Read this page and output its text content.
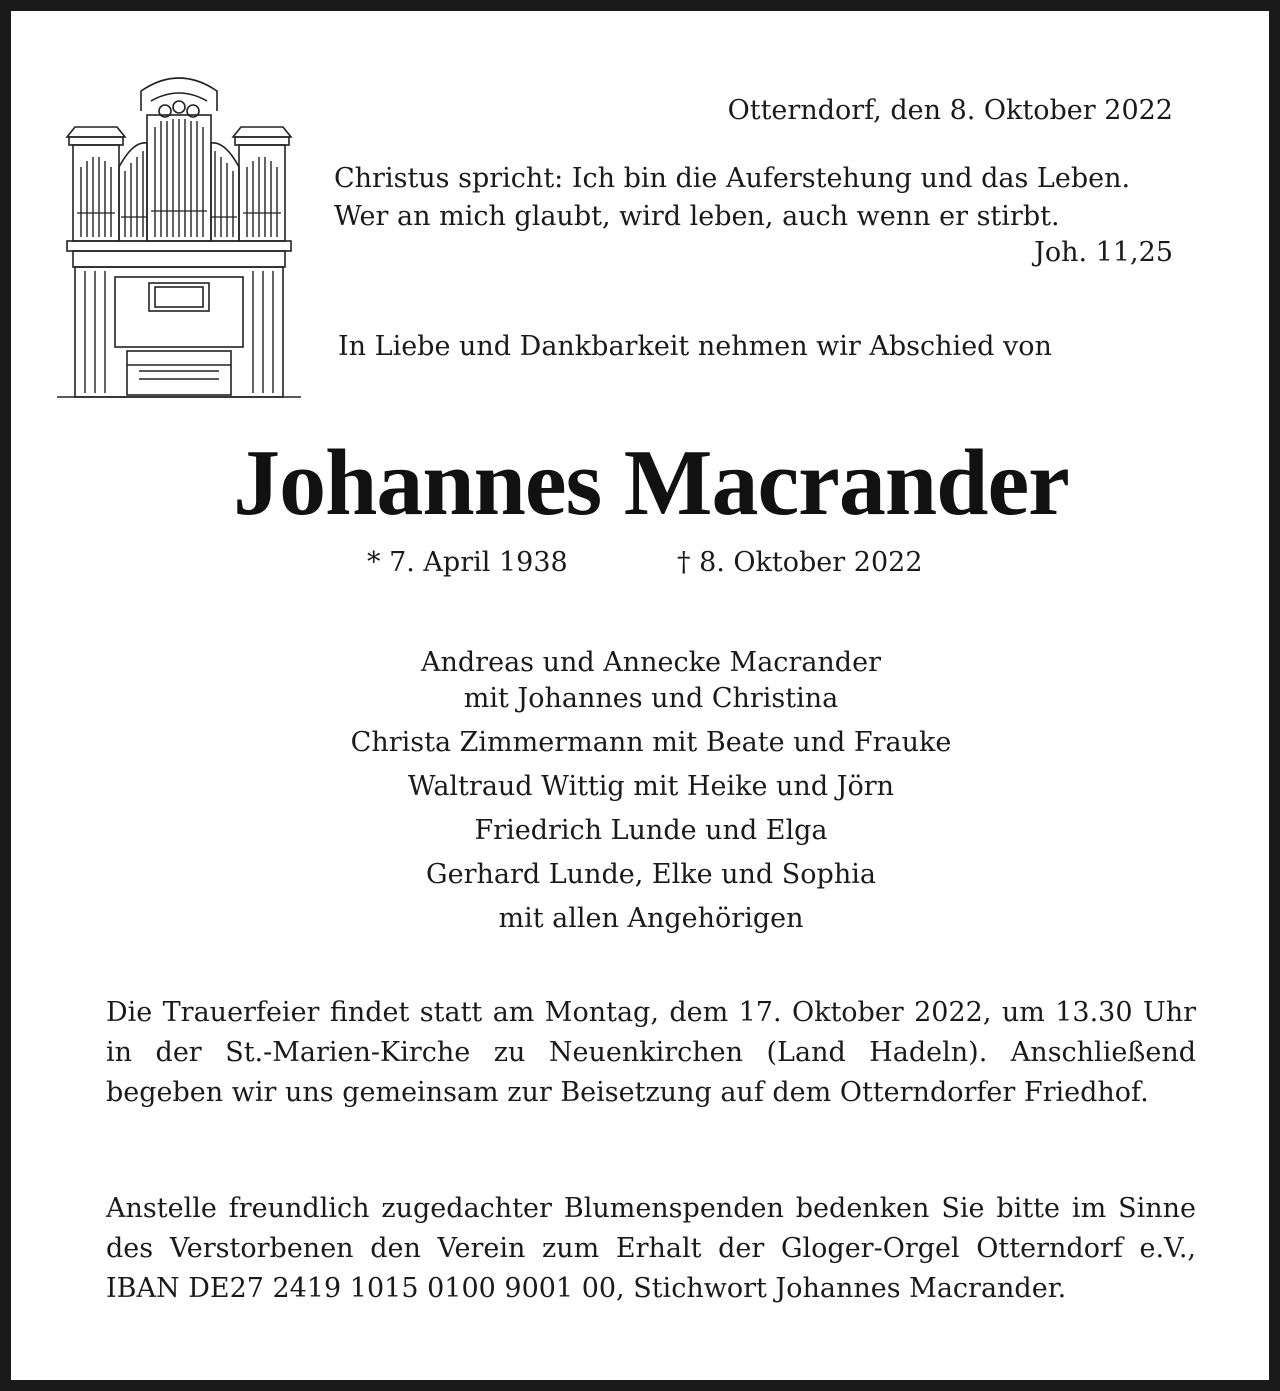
Otterndorf, den 8. Oktober 2022
Christus spricht: Ich bin die Auferstehung und das Leben.
Wer an mich glaubt, wird leben, auch wenn er stirbt.
Joh. 11,25
In Liebe und Dankbarkeit nehmen wir Abschied von
Johannes Macrander
* 7. April 1938	† 8. Oktober 2022
Andreas und Annecke Macrander
mit Johannes und Christina
Christa Zimmermann mit Beate und Frauke
Waltraud Wittig mit Heike und Jörn
Friedrich Lunde und Elga
Gerhard Lunde, Elke und Sophia
mit allen Angehörigen
Die Trauerfeier findet statt am Montag, dem 17. Oktober 2022, um 13.30 Uhr in der St.-Marien-Kirche zu Neuenkirchen (Land Hadeln). Anschließend begeben wir uns gemeinsam zur Beisetzung auf dem Otterndorfer Friedhof.
Anstelle freundlich zugedachter Blumenspenden bedenken Sie bitte im Sinne des Verstorbenen den Verein zum Erhalt der Gloger-Orgel Otterndorf e.V., IBAN DE27 2419 1015 0100 9001 00, Stichwort Johannes Macrander.
